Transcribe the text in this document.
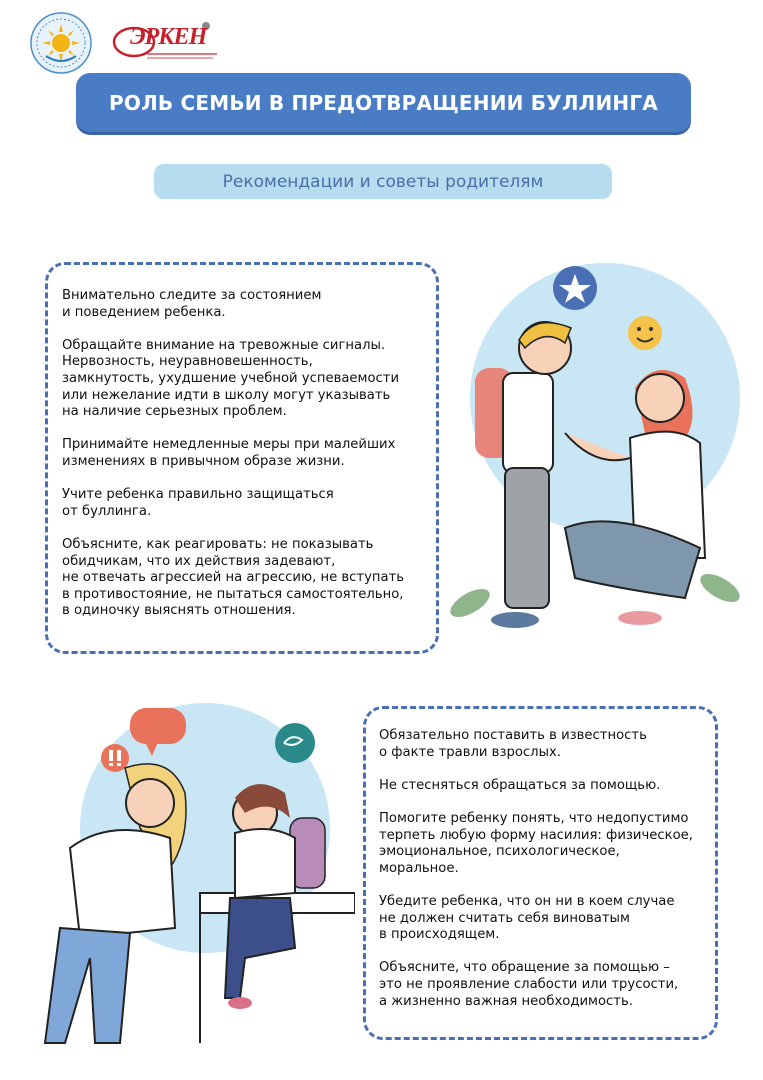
ЭРКЕН
РОЛЬ СЕМЬИ В ПРЕДОТВРАЩЕНИИ БУЛЛИНГА
Рекомендации и советы родителям

Внимательно следите за состоянием
и поведением ребенка.

Обращайте внимание на тревожные сигналы.
Нервозность, неуравновешенность,
замкнутость, ухудшение учебной успеваемости
или нежелание идти в школу могут указывать
на наличие серьезных проблем.

Принимайте немедленные меры при малейших
изменениях в привычном образе жизни.

Учите ребенка правильно защищаться
от буллинга.

Объясните, как реагировать: не показывать
обидчикам, что их действия задевают,
не отвечать агрессией на агрессию, не вступать
в противостояние, не пытаться самостоятельно,
в одиночку выяснять отношения.

Обязательно поставить в известность
о факте травли взрослых.

Не стесняться обращаться за помощью.

Помогите ребенку понять, что недопустимо
терпеть любую форму насилия: физическое,
эмоциональное, психологическое,
моральное.

Убедите ребенка, что он ни в коем случае
не должен считать себя виноватым
в происходящем.

Объясните, что обращение за помощью –
это не проявление слабости или трусости,
а жизненно важная необходимость.
